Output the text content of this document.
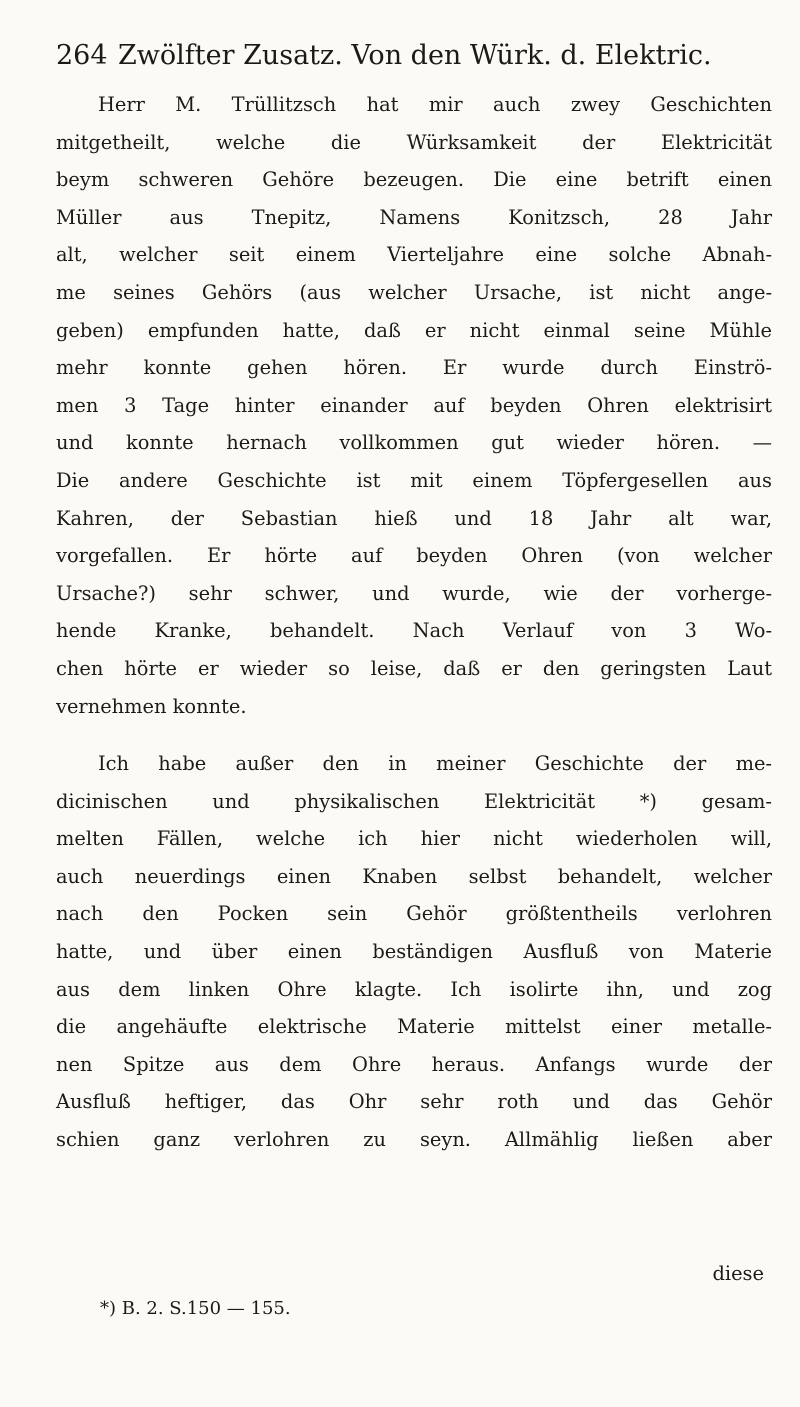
264 Zwölfter Zusatz. Von den Würk. d. Elektric.
Herr M. Trüllitzsch hat mir auch zwey Geschichten
mitgetheilt, welche die Würksamkeit der Elektricität
beym schweren Gehöre bezeugen. Die eine betrift einen
Müller aus Tnepitz, Namens Konitzsch, 28 Jahr
alt, welcher seit einem Vierteljahre eine solche Abnah-
me seines Gehörs (aus welcher Ursache, ist nicht ange-
geben) empfunden hatte, daß er nicht einmal seine Mühle
mehr konnte gehen hören. Er wurde durch Einströ-
men 3 Tage hinter einander auf beyden Ohren elektrisirt
und konnte hernach vollkommen gut wieder hören. —
Die andere Geschichte ist mit einem Töpfergesellen aus
Kahren, der Sebastian hieß und 18 Jahr alt war,
vorgefallen. Er hörte auf beyden Ohren (von welcher
Ursache?) sehr schwer, und wurde, wie der vorherge-
hende Kranke, behandelt. Nach Verlauf von 3 Wo-
chen hörte er wieder so leise, daß er den geringsten Laut
vernehmen konnte.
Ich habe außer den in meiner Geschichte der me-
dicinischen und physikalischen Elektricität *) gesam-
melten Fällen, welche ich hier nicht wiederholen will,
auch neuerdings einen Knaben selbst behandelt, welcher
nach den Pocken sein Gehör größtentheils verlohren
hatte, und über einen beständigen Ausfluß von Materie
aus dem linken Ohre klagte. Ich isolirte ihn, und zog
die angehäufte elektrische Materie mittelst einer metalle-
nen Spitze aus dem Ohre heraus. Anfangs wurde der
Ausfluß heftiger, das Ohr sehr roth und das Gehör
schien ganz verlohren zu seyn. Allmählig ließen aber
diese
*) B. 2. S.150 — 155.
